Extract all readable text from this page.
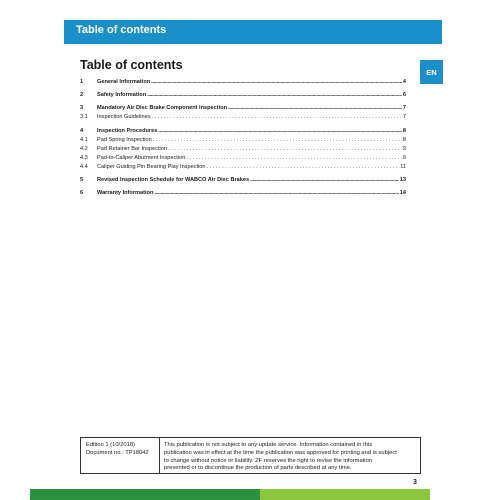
Table of contents
Table of contents	EN
1	General Information .....	4
2	Safety Information .....	6
3	Mandatory Air Disc Brake Component Inspection .....	7
3.1	Inspection Guidelines . . .	7
4	Inspection Procedures .....	8
4.1	Pad Spring Inspection . . .	8
4.2	Pad Retainer Bar Inspection . . .	9
4.3	Pad-to-Caliper Abutment Inspection . . .	9
4.4	Caliper Guiding Pin Bearing Play Inspection . . .	11
5	Revised Inspection Schedule for WABCO Air Disc Brakes .....	13
6	Warranty Information .....	14
Edition 1 (10/2018)
Document no.: TP18042
This publication is not subject to any update service. Information contained in this
publication was in effect at the time the publication was approved for printing and is subject
to change without notice or liability. ZF reserves the right to revise the information
presented or to discontinue the production of parts described at any time.
3
